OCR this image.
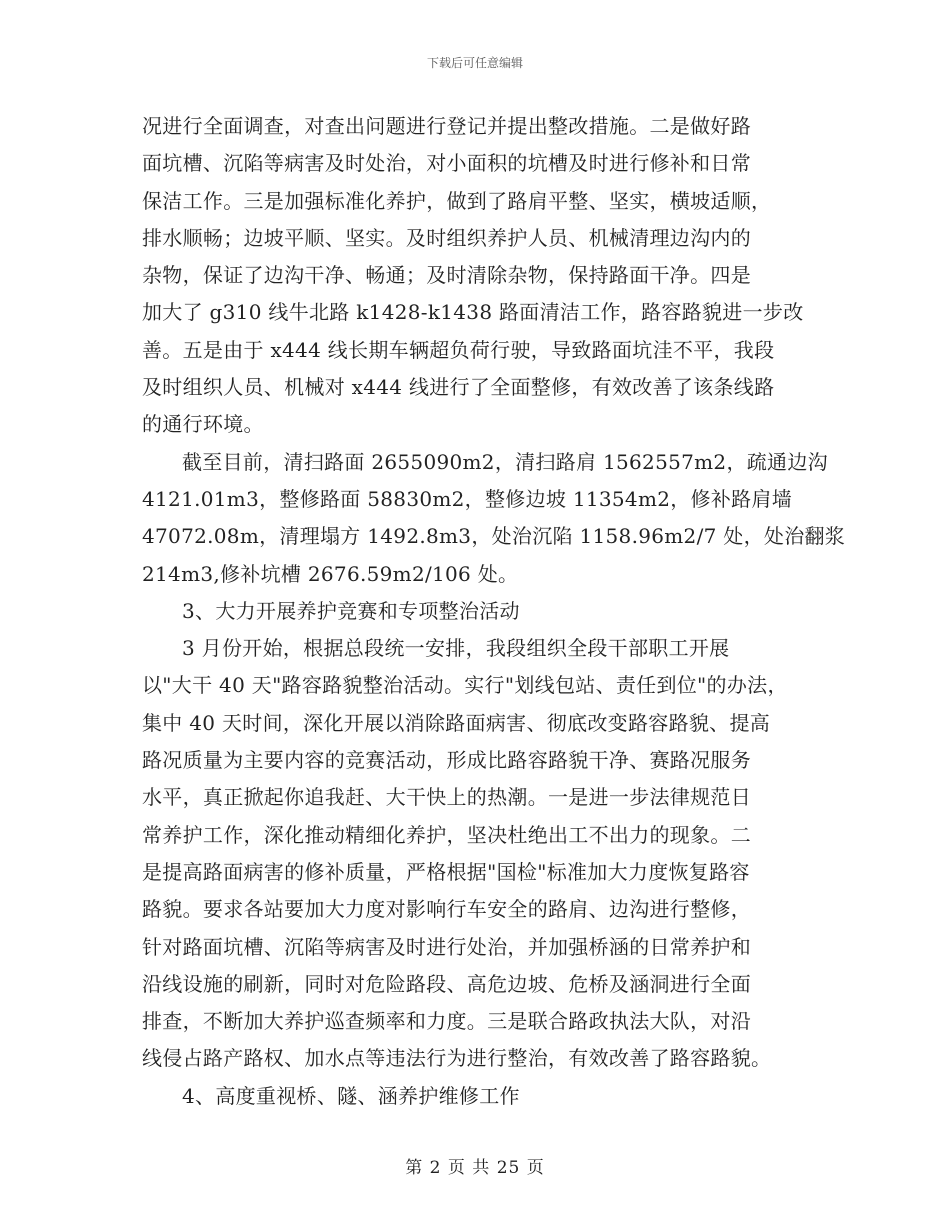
下载后可任意编辑
况进行全面调查，对查出问题进行登记并提出整改措施。二是做好路
面坑槽、沉陷等病害及时处治，对小面积的坑槽及时进行修补和日常
保洁工作。三是加强标准化养护，做到了路肩平整、坚实，横坡适顺，
排水顺畅；边坡平顺、坚实。及时组织养护人员、机械清理边沟内的
杂物，保证了边沟干净、畅通；及时清除杂物，保持路面干净。四是
加大了 g310 线牛北路 k1428-k1438 路面清洁工作，路容路貌进一步改
善。五是由于 x444 线长期车辆超负荷行驶，导致路面坑洼不平，我段
及时组织人员、机械对 x444 线进行了全面整修，有效改善了该条线路
的通行环境。
截至目前，清扫路面 2655090m2，清扫路肩 1562557m2，疏通边沟
4121.01m3，整修路面 58830m2，整修边坡 11354m2，修补路肩墙
47072.08m，清理塌方 1492.8m3，处治沉陷 1158.96m2/7 处，处治翻浆
214m3,修补坑槽 2676.59m2/106 处。
3、大力开展养护竞赛和专项整治活动
3 月份开始，根据总段统一安排，我段组织全段干部职工开展
以"大干 40 天"路容路貌整治活动。实行"划线包站、责任到位"的办法，
集中 40 天时间，深化开展以消除路面病害、彻底改变路容路貌、提高
路况质量为主要内容的竞赛活动，形成比路容路貌干净、赛路况服务
水平，真正掀起你追我赶、大干快上的热潮。一是进一步法律规范日
常养护工作，深化推动精细化养护，坚决杜绝出工不出力的现象。二
是提高路面病害的修补质量，严格根据"国检"标准加大力度恢复路容
路貌。要求各站要加大力度对影响行车安全的路肩、边沟进行整修，
针对路面坑槽、沉陷等病害及时进行处治，并加强桥涵的日常养护和
沿线设施的刷新，同时对危险路段、高危边坡、危桥及涵洞进行全面
排查，不断加大养护巡查频率和力度。三是联合路政执法大队，对沿
线侵占路产路权、加水点等违法行为进行整治，有效改善了路容路貌。
4、高度重视桥、隧、涵养护维修工作
第 2 页 共 25 页
